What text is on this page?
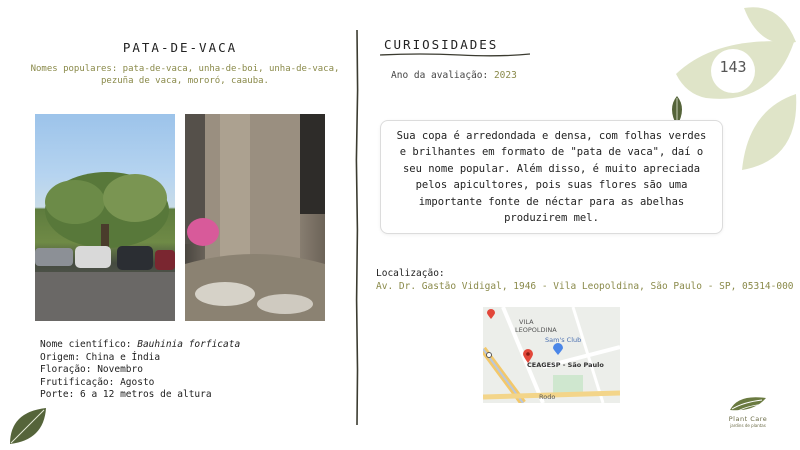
PATA-DE-VACA
Nomes populares: pata-de-vaca, unha-de-boi, unha-de-vaca, pezuña de vaca, mororó, caauba.
Nome científico: Bauhinia forficata
Origem: China e Índia
Floração: Novembro
Frutificação: Agosto
Porte: 6 a 12 metros de altura
CURIOSIDADES
Ano da avaliação: 2023	143

Sua copa é arredondada e densa, com folhas verdes e brilhantes em formato de "pata de vaca", daí o seu nome popular. Além disso, é muito apreciada pelos apicultores, pois suas flores são uma importante fonte de néctar para as abelhas produzirem mel.

Localização:
Av. Dr. Gastão Vidigal, 1946 - Vila Leopoldina, São Paulo - SP, 05314-000
VILA
LEOPOLDINA
Sam's Club
CEAGESP - São Paulo
Rodo
Plant Care
jardins de plantas
